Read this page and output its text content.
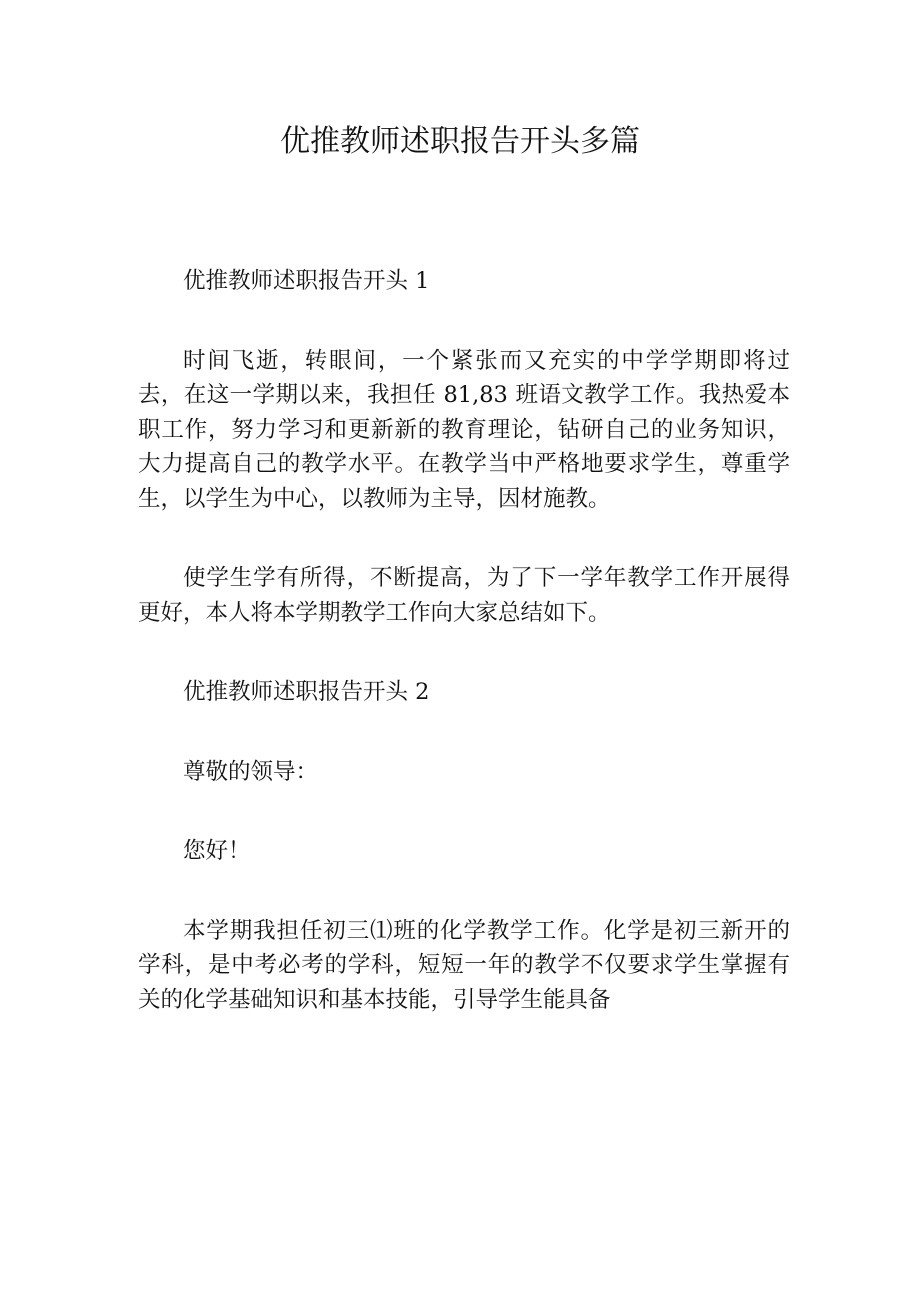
优推教师述职报告开头多篇

优推教师述职报告开头 1

时间飞逝，转眼间，一个紧张而又充实的中学学期即将过去，在这一学期以来，我担任 81,83 班语文教学工作。我热爱本职工作，努力学习和更新新的教育理论，钻研自己的业务知识，大力提高自己的教学水平。在教学当中严格地要求学生，尊重学生，以学生为中心，以教师为主导，因材施教。

使学生学有所得，不断提高，为了下一学年教学工作开展得更好，本人将本学期教学工作向大家总结如下。

优推教师述职报告开头 2

尊敬的领导：

您好！

本学期我担任初三⑴班的化学教学工作。化学是初三新开的学科，是中考必考的学科，短短一年的教学不仅要求学生掌握有关的化学基础知识和基本技能，引导学生能具备
